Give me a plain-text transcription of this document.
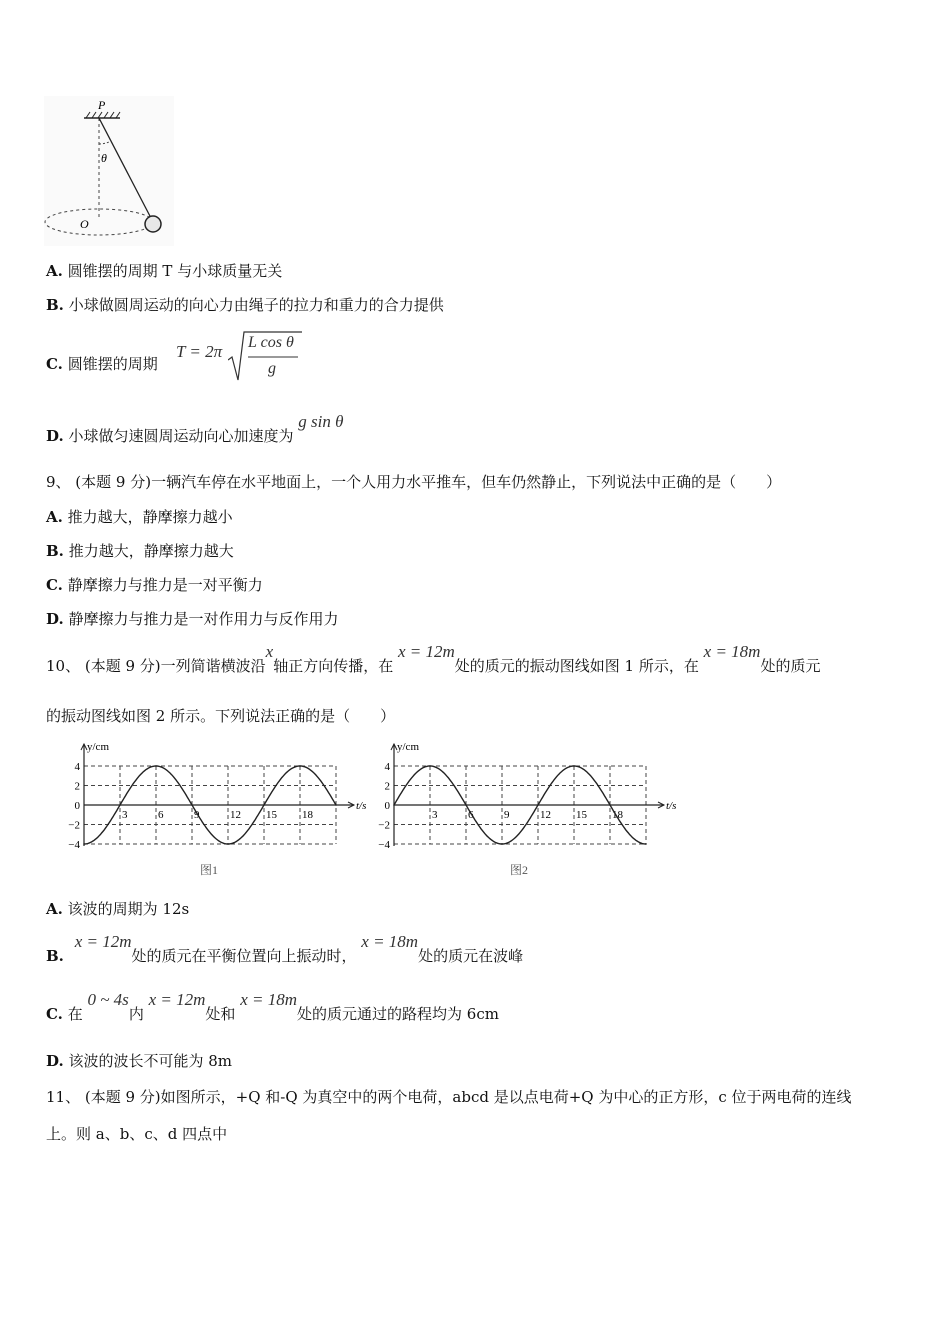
P
θ
O
A. 圆锥摆的周期 T 与小球质量无关
B. 小球做圆周运动的向心力由绳子的拉力和重力的合力提供
C. 圆锥摆的周期
T = 2π L cos θ
g
D. 小球做匀速圆周运动向心加速度为 g sin θ
9、 (本题 9 分)一辆汽车停在水平地面上，一个人用力水平推车，但车仍然静止，下列说法中正确的是（　　）
A. 推力越大，静摩擦力越小
B. 推力越大，静摩擦力越大
C. 静摩擦力与推力是一对平衡力
D. 静摩擦力与推力是一对作用力与反作用力
10、 (本题 9 分)一列简谐横波沿x轴正方向传播，在 x = 12m处的质元的振动图线如图 1 所示，在 x = 18m处的质元
的振动图线如图 2 所示。下列说法正确的是（　　）
y/cm
t/s
4
2
0
−2
−4
3	6	9	12 15 18
图1
y/cm
t/s
4
2
0
−2
−4
3	6	9	12 15 18
图2
A. 该波的周期为 12s
B. x = 12m处的质元在平衡位置向上振动时， x = 18m处的质元在波峰
C. 在 0 ~ 4s内 x = 12m处和 x = 18m处的质元通过的路程均为 6cm
D. 该波的波长不可能为 8m
11、 (本题 9 分)如图所示，+Q 和-Q 为真空中的两个电荷，abcd 是以点电荷+Q 为中心的正方形，c 位于两电荷的连线
上。则 a、b、c、d 四点中
